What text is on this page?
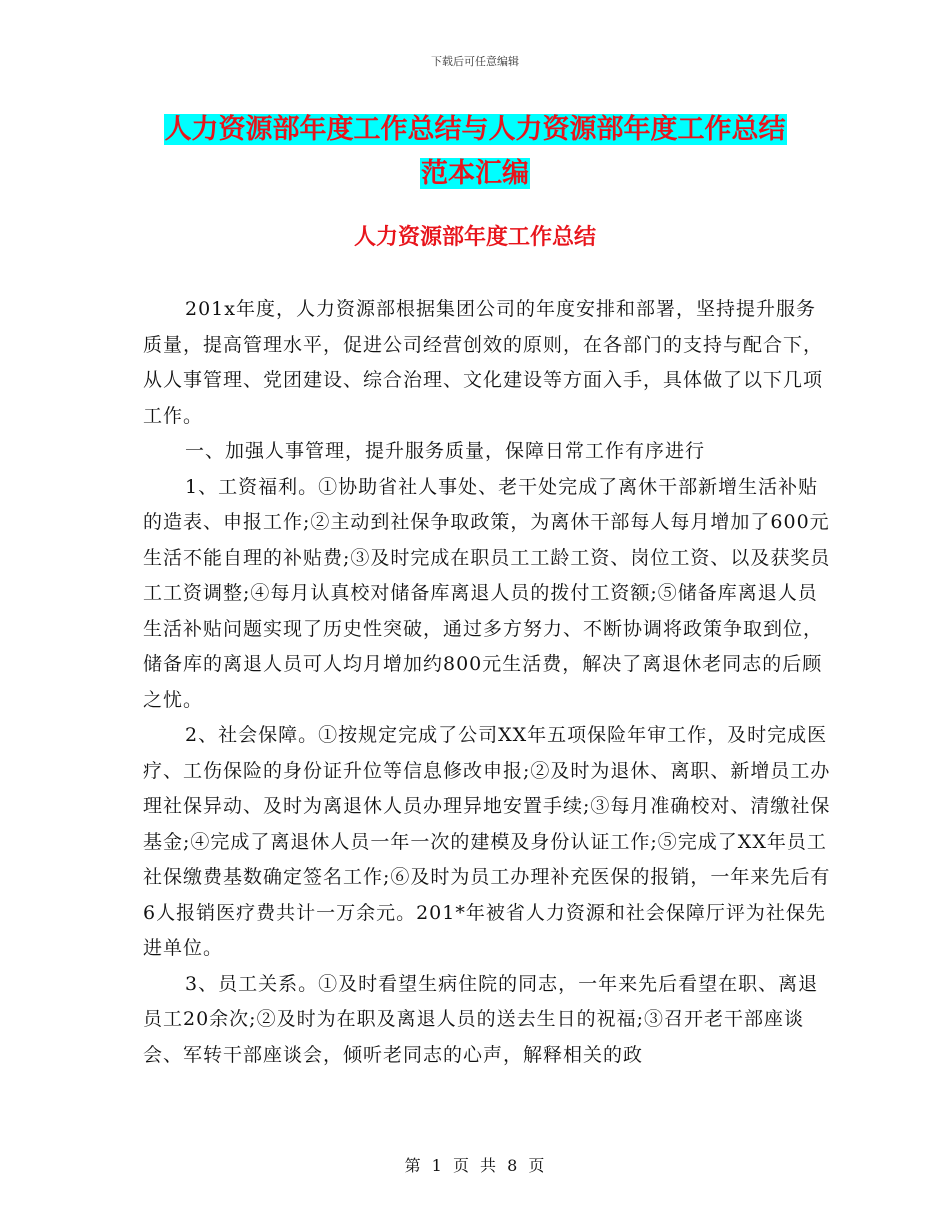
下载后可任意编辑
人力资源部年度工作总结与人力资源部年度工作总结
范本汇编
人力资源部年度工作总结

201x年度，人力资源部根据集团公司的年度安排和部署，坚持提升服务质量，提高管理水平，促进公司经营创效的原则，在各部门的支持与配合下，从人事管理、党团建设、综合治理、文化建设等方面入手，具体做了以下几项工作。

一、加强人事管理，提升服务质量，保障日常工作有序进行

1、工资福利。①协助省社人事处、老干处完成了离休干部新增生活补贴的造表、申报工作;②主动到社保争取政策，为离休干部每人每月增加了600元生活不能自理的补贴费;③及时完成在职员工工龄工资、岗位工资、以及获奖员工工资调整;④每月认真校对储备库离退人员的拨付工资额;⑤储备库离退人员生活补贴问题实现了历史性突破，通过多方努力、不断协调将政策争取到位，储备库的离退人员可人均月增加约800元生活费，解决了离退休老同志的后顾之忧。

2、社会保障。①按规定完成了公司XX年五项保险年审工作，及时完成医疗、工伤保险的身份证升位等信息修改申报;②及时为退休、离职、新增员工办理社保异动、及时为离退休人员办理异地安置手续;③每月准确校对、清缴社保基金;④完成了离退休人员一年一次的建模及身份认证工作;⑤完成了XX年员工社保缴费基数确定签名工作;⑥及时为员工办理补充医保的报销，一年来先后有6人报销医疗费共计一万余元。201*年被省人力资源和社会保障厅评为社保先进单位。

3、员工关系。①及时看望生病住院的同志，一年来先后看望在职、离退员工20余次;②及时为在职及离退人员的送去生日的祝福;③召开老干部座谈会、军转干部座谈会，倾听老同志的心声，解释相关的政

第 1 页 共 8 页
